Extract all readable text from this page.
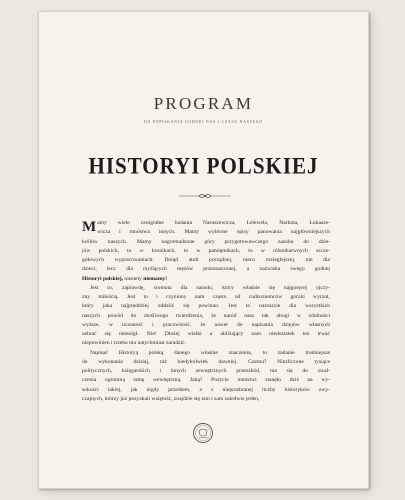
PROGRAM
DO POPISKANIA GODNEJ NAS I CZASU NASZEGO
HISTORYI POLSKIEJ
M amy wiele cześgodne badania Naruszewicza, Lelewela, Narbuta, Łukasze-
wicza i mnóstwa innych. Mamy wyborne opisy panowania najgłówniejszych
królów naszych. Mamy nagromadzone góry przygotowawczego zasobu do dzie-
jów polskich, to w kronikach, to w pamiętnikach, to w różnobarwnych szcze-
gółowych wypracowaniach. Dotąd atoli porządnej, nieco rozleglejszej, nie dla
dzieci, lecz dla myślących mężów przeznaczonej, a nazwiska swego godnej
Historyi polskiej, niestety niemamy!
Jest to, zaprawdę, sromota dla narodu, który właśnie się najgoręcej ojczy-
zny miłością. Jest to i czyniony nam często od cudzoziemców gorzki wyrzut,
który jaka najpręddziej oddalić się powinno. Jest to naroszcie dla wszystkich
naszych powód do złośliwego twierdzenia, że naród nasz tak ubogi w zdolności
wyższe, w uczoność i pracowitość, że nawet do napisania dziejów własnych
zebrać się niemógł. Nie! Dłużej wielki a ubliżający nam niedostatek ten trwać
niepowinien i trzeba mu natychmiast zaradzić.
Napisać Historyą polską danego właśnie znaczenia, to zadanie trudniejsze
do wykonania dzisiaj, niż kiedykolwiek dawniej. Czemu? Niezliczone tysiące
politycznych, księgarskich i innych zewnętrznych przeszkód, ma się do zwal-
czenia ogromną tamę wewnętrzną. Jaką? Pozycie mnóstwi stanęło dziś na wy-
sokości takiej, jak nigdy przedtem, a z nieprzebranej liczby historyków zwy-
czajnych, którzy już pozyskali wziętość, znajdzie się tam i sam zaledwie jeden,
